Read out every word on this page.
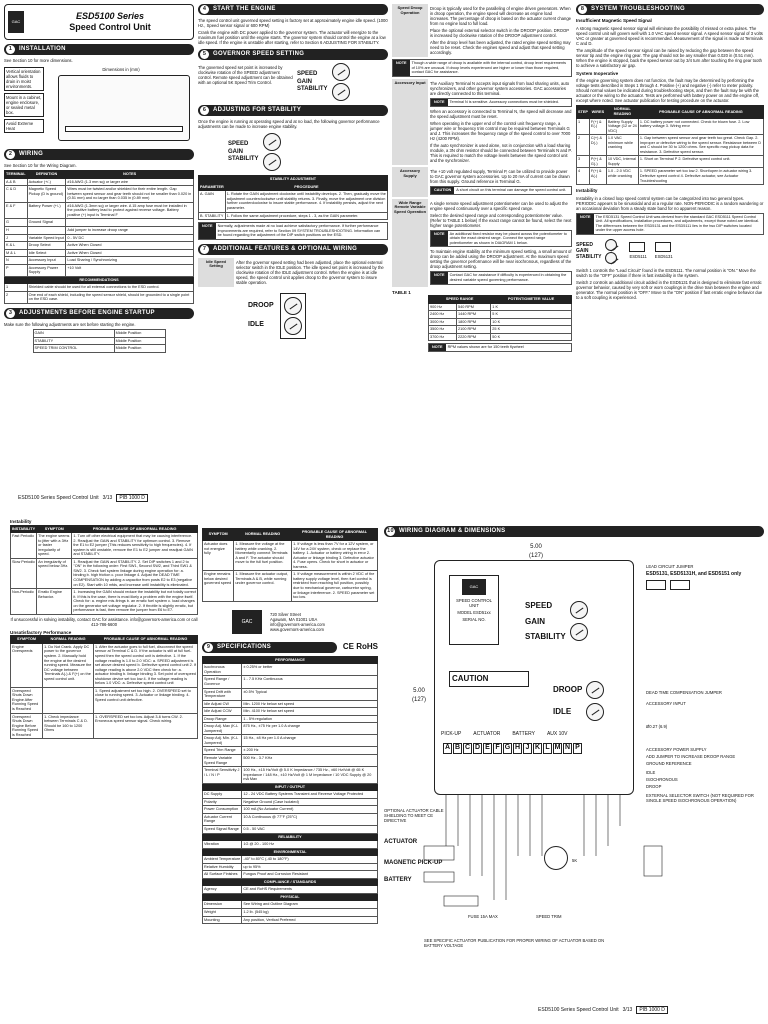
GAC	ESD5100 Series
Speed Control Unit
1	INSTALLATION
See Section 10 for more dimensions.
Vertical orientation allows fluids to drain in moist environments.
Mount in a cabinet, engine enclosure, or sealed metal box.
Avoid Extreme Heat
Dimensions in (mm)
2	WIRING
See Section 10 for the Wiring Diagram.
TERMINAL	DEFINITION	NOTES
A & B	Actuator (+/-)	#16 AWG (1.3 mm sq) or larger wire
C & D	Magnetic Speed Pickup (D is ground)	Wires must be twisted and/or shielded for their entire length. Gap between speed sensor and gear teeth should not be smaller than 0.020 in (0.51 mm) and no larger than 0.035 in (0.89 mm)
E & F	Battery Power (+/-)	#16 AWG (1.3mm sq) or larger wire. A 15 amp fuse must be installed in the positive battery lead to protect against reverse voltage. Battery positive (+) input is Terminal F
G	Ground Signal	
H		Add jumper to increase droop range
J	Variable Speed Input	0 - 5V DC
K & L	Droop Select	Active When Closed
M & L	Idle Select	Active When Closed
N	Accessory Input	Load Sharing / Synchronizing
P	Accessory Power Supply	+10 Volt
RECOMMENDATIONS		
1	Shielded cable should be used for all external connections to the ESD control.	
2	One end of each shield, including the speed sensor shield, should be grounded to a single point on the ESD case.	
3	ADJUSTMENTS BEFORE ENGINE STARTUP
Make sure the following adjustments are set before starting the engine.
GAIN	Middle Position
STABILITY	Middle Position
SPEED TRIM CONTROL	Middle Position
ESD5100 Series Speed Control Unit 3/13	PIB 1000 D
4	START THE ENGINE
The speed control unit governed speed setting is factory set at approximately engine idle speed. (1000 Hz., Speed sensor signal or 600 RPM)
Crank the engine with DC power applied to the governor system. The actuator will energize to the maximum fuel position until the engine starts. The governor system should control the engine at a low idle speed. If the engine is unstable after starting, refer to Section 6 ADJUSTING FOR STABILITY.
5	GOVERNOR SPEED SETTING
The governed speed set point is increased by clockwise rotation of the SPEED adjustment control. Remote speed adjustment can be obtained with an optional 5K Speed Trim Control.
SPEED
GAIN
STABILITY
6	ADJUSTING FOR STABILITY
Once the engine is running at operating speed and at no load, the following governor performance adjustments can be made to increase engine stability.
SPEED
GAIN
STABILITY
STABILITY ADJUSTMENT	
PARAMETER	PROCEDURE
A. GAIN	1. Rotate the GAIN adjustment clockwise until instability develops. 2. Then, gradually move the adjustment counterclockwise until stability returns. 3. Finally, move the adjustment one division further counterclockwise to insure stable performance. 4. If instability persists, adjust the next parameter.
B. STABILITY	1. Follow the same adjustment procedure, steps 1 - 3, as the GAIN parameter.
NOTE	Normally, adjustments made at no load achieve satisfactory performance. If further performance improvements are required, refer to Section 09 SYSTEM TROUBLESHOOTING. Information can be found regarding the adjustment of the DIP switch positions on the ESD.
7	ADDITIONAL FEATURES & OPTIONAL WIRING
Idle Speed Setting
After the governor speed setting had been adjusted, place the optional external selector switch in the IDLE position. The idle speed set point is increased by the clockwise rotation of the IDLE adjustment control. When the engine is at idle speed, the speed control unit applies droop to the governor system to insure stable operation.
DROOP
IDLE
Speed Droop Operation
Droop is typically used for the paralleling of engine driven generators. When in droop operation, the engine speed will decrease as engine load increases. The percentage of droop is based on the actuator current change from no engine load to full load.
Place the optional external selector switch in the DROOP position. DROOP is increased by clockwise rotation of the DROOP adjustment control.
After the droop level has been adjusted, the rated engine speed setting may need to be reset. Check the engines speed and adjust that speed setting accordingly.
NOTE	Though a wide range of droop is available with the internal control, droop level requirements of 10% are unusual. If droop levels experienced are higher or lower than those required, contact GAC for assistance.
Accessory Input	The Auxiliary Terminal N accepts input signals from load sharing units, auto synchronizers, and other governor system accessories. GAC accessories are directly connected to this terminal.
NOTE	Terminal N is sensitive. Accessory connections must be shielded.
When an accessory is connected to Terminal N, the speed will decrease and the speed adjustment must be reset.
When operating in the upper end of the control unit frequency range, a jumper wire or frequency trim control may be required between Terminals G and J. This increases the frequency range of the speed control to over 7000 Hz (4200 RPM).
If the auto synchronizer is used alone, not in conjunction with a load sharing module, a 3N ohm resistor should be connected between Terminals N and P. This is required to match the voltage levels between the speed control unit and the synchronizer.
Accessory Supply
The +10 volt regulated supply, Terminal P, can be utilized to provide power to GAC governor system accessories. Up to 20 mA of current can be drawn from this supply. Ground reference is Terminal G.
CAUTION	A short circuit on this terminal can damage the speed control unit.
Wide Range Remote Variable Speed Operation
A single remote speed adjustment potentiometer can be used to adjust the engine speed continuously over a specific speed range.
Select the desired speed range and corresponding potentiometer value. (Refer to TABLE 1 below) If the exact range cannot be found, select the next higher range potentiometer.
NOTE	An additional fixed resistor may be placed across the potentiometer to obtain the exact desired range. Connect the speed range potentiometer as shown in DIAGRAM 1 below.
To maintain engine stability at the minimum speed setting, a small amount of droop can be added using the DROOP adjustment. At the maximum speed setting the governor performance will be near isochronous, regardless of the droop adjustment setting.
NOTE	Contact GAC for assistance if difficulty is experienced in obtaining the desired variable speed governing performance.
TABLE 1
SPEED RANGE		POTENTIOMETER VALUE
900 Hz	540 RPM	1 K
2400 Hz	1440 RPM	5 K
3000 Hz	1800 RPM	10 K
3500 Hz	2100 RPM	25 K
3700 Hz	2220 RPM	50 K
NOTE	RPM values shown are for 150 teeth flywheel
8	SYSTEM TROUBLESHOOTING
Insufficient Magnetic Speed Signal
A strong magnetic speed sensor signal will eliminate the possibility of missed or extra pulses. The speed control unit will govern well with 1.0 VAC speed sensor signal. A speed sensor signal of 3 volts VAC or greater at governed speed is recommended. Measurement of the signal is made at Terminals C and D.
The amplitude of the speed sensor signal can be raised by reducing the gap between the speed sensor tip and the engine ring gear. The gap should not be any smaller than 0.020 in (0.51 mm). When the engine is stopped, back the speed sensor out by 3/4 turn after touching the ring gear tooth to achieve a satisfactory air gap.
System Inoperative
If the engine governing system does not function, the fault may be determined by performing the voltage tests described in Steps 1 through 4. Positive (+) and negative (-) refer to meter polarity. Should normal values be indicated during troubleshooting steps, and then the fault may be with the actuator or the wiring to the actuator. Tests are performed with battery power on and the engine off, except where noted. See actuator publication for testing procedure on the actuator.
STEP	WIRES	NORMAL READING	PROBABLE CAUSE OF ABNORMAL READING
1	F(+) & E(-)	Battery Supply Voltage (12 or 24 VDC)	1. DC battery power not connected. Check for blown fuse. 2. Low battery voltage 3. Wiring error
2	C(+) & D(-)	1.0 VAC minimum while cranking	1. Gap between speed sensor and gear teeth too great. Check Gap. 2. Improper or defective wiring to the speed sensor. Resistance between D and C should be 30 to 1200 ohms. See specific mag pickup data for resistance. 3. Defective speed sensor.
3	P(+) & G(-)	10 VDC, Internal Supply	1. Short on Terminal P 2. Defective speed control unit.
4	F(+) & A(-)	1.0 - 2.0 VDC while cranking	1. SPEED parameter set too low 2. Short/open in actuator wiring 3. Defective speed control 4. Defective actuator, see Actuator Troubleshooting
Instability
Instability in a closed loop speed control system can be categorized into two general types. PERIODIC appears to be sinusoidal and at a regular rate. NON-PERIODIC is a random wandering or an occasional deviation from a steady state band for no apparent reason.
NOTE	The ESD5131 Speed Control Unit was derived from the standard GAC ESD5111 Speed Control Unit. All specifications, installation procedures, and adjustments, except those noted are identical. The differences between the ESD5131 and the ESD5111 lies in the two DIP switches located under the upper access hole.
SPEED
GAIN
STABILITY	ESD5111 ESD5131
Switch 1 controls the "Lead Circuit" found in the ESD5111. The normal position is "ON." Move the switch to the "OFF" position if there is fast instability in the system.
Switch 2 controls an additional circuit added in the ESD5131 that is designed to eliminate fast erratic governor behavior, caused by very soft or worn couplings in the drive train between the engine and generator. The normal position is "OFF." Move to the "ON" position if fast erratic engine behavior due to a soft coupling is experienced.
Instability
INSTABILITY	SYMPTOM	PROBABLE CAUSE OF ABNORMAL READING
Fast Periodic	The engine seems to jitter with a 3Hz or faster irregularity of speed.	1. Turn off other electrical equipment that may be causing interference. 2. Readjust the GAIN and STABILITY for optimum control. 3. Remove the E1 to E2 jumper (This reduces sensitivity to high frequencies). 4. If system is still unstable, remove the E1 to E2 jumper and readjust GAIN and STABILITY.
Slow Periodic	An irregularity of speed below 3Hz.	1. Readjust the GAIN and STABILITY. 2. Set DIP switches 1 and 2 to "ON" in the following order: First SW1, Second SW2, and Third SW1 & SW2. 3. Check fuel system linkage during engine operation for: a. binding b. high friction c. poor linkage 4. Adjust the DEAD TIME COMPENSATION by adding a capacitor from posts E2 to E3 (negative on E2). Start with 10 mfds, and increase until instability is eliminated.
Non-Periodic	Erratic Engine Behavior.	1. Increasing the GAIN should reduce the instability but not totally correct it. If this is the case, there is most likely a problem with the engine itself. Check for: a. engine mis-firings b. an erratic fuel system c. load changes on the generator set voltage regulator. 2. If throttle is slightly erratic, but performance is fast, then remove the jumper from E6 to E7.
If unsuccessful in solving instability, contact GAC for assistance. info@governors-america.com or call 413-786-5600
Unsatisfactory Performance
SYMPTOM	NORMAL READING	PROBABLE CAUSE OF ABNORMAL READING
Engine Overspeeds	1. Do Not Crank. Apply DC power to the governor system. 2. Manually hold the engine at the desired running speed. Measure the DC voltage between Terminals A(-) & F(+) on the speed control unit.	1. After the actuator goes to full fuel, disconnect the speed sensor at Terminal C & D. If the actuator is still at full fuel-speed then the speed control unit is defective. 1. If the voltage reading is 1.0 to 2.0 VDC: a. SPEED adjustment is set above desired speed b. Defective speed control unit 2. If voltage reading is above 2.0 VDC then check for: a. actuator binding b. linkage binding 3. Set point of overspeed shutdown device set too low 4. If the voltage reading is below 1.0 VDC: a. Defective speed control unit
Overspeed Shuts Down Engine After Running Speed is Reached		1. Speed adjustment set too high. 2. OVERSPEED set to close to running speed. 3. Actuator or linkage binding. 4. Speed control unit defective.
Overspeed Shuts Down Engine Before Running Speed is Reached	1. Check impedance between Terminals C & D. Should be 160 to 1200 Ohms	1. OVERSPEED set too low. Adjust 3-6 turns CW. 2. Erroneous speed sensor signal. Check wiring.
SYMPTOM	NORMAL READING	PROBABLE CAUSE OF ABNORMAL READING
Actuator does not energize fully	1. Measure the voltage at the battery while cranking. 2. Momentarily connect Terminals A and F. The actuator should move to the full fuel position.	1. If voltage is less than 7V for a 12V system, or 14V for a 24V system, check or replace the battery. 1. Actuator or battery wiring in error 2. Actuator or linkage binding 3. Defective actuator 4. Fuse opens. Check for short in actuator or harness.
Engine remains below desired governed speed	1. Measure the actuator output, Terminals A & B, while running under governor control.	1. If voltage measurement is within 2 VDC of the battery supply voltage level, then fuel control is restricted from reaching full position, possibly due to mechanical governor, carburetor spring, or linkage interference. 2. SPEED parameter set too low.
GAC
720 Silver Street
Agawam, MA 01001 USA
info@governors-america.com
www.governors-america.com
9	SPECIFICATIONS	CE RoHS
PERFORMANCE	
Isochronous Operation	± 0.25% or better
Speed Range / Governor	1 - 7.5 KHz Continuous
Speed Drift with Temperature	±0.5% Typical
Idle Adjust CW	Min. 1200 Hz below set speed
Idle Adjust CCW	Min. 4100 Hz below set speed
Droop Range	1 - 5% regulation
Droop Adj. Max (K-L Jumpered)	875 Hz., ±75 Hz per 1.0 A change
Droop Adj. Min. (K-L Jumpered)	15 Hz., ±8 Hz per 1.0 A change
Speed Trim Range	± 200 Hz
Remote Variable Speed Range	500 Hz - 3.7 KHz
Terminal Sensitivity J / L / N / P	100 Hz., ±15 Hz/Volt @ 5.0 K Impedance / 735 Hz., ±60 Hz/Volt @ 65 K Impedance / 148 Hz., ±10 Hz/Volt @ 1 M Impedance / 10 VDC Supply @ 20 mA Max
INPUT / OUTPUT	
DC Supply	12 - 24 VDC Battery Systems Transient and Reverse Voltage Protected
Polarity	Negative Ground (Case Isolated)
Power Consumption	100 mA (No Actuator Current)
Actuator Current Range	10 A Continuous @ 77°F (25°C)
Speed Signal Range	0.5 - 50 VAC
RELIABILITY	
Vibration	1G @ 20 - 100 Hz
ENVIRONMENTAL	
Ambient Temperature	-40° to 80°C (-40 to 180°F)
Relative Humidity	up to 95%
All Surface Finishes	Fungus Proof and Corrosion Resistant
COMPLIANCE / STANDARDS	
Agency	CE and RoHS Requirements
PHYSICAL	
Dimension	See Wiring and Outline Diagram
Weight	1.2 lb. (545 kg)
Mounting	Any position, Vertical Preferred
10 WIRING DIAGRAM & DIMENSIONS
5.00
(127)
5.00
(127)
GAC
SPEED CONTROL UNIT
MODEL ESD51xx
SERIAL NO.
SPEED
GAIN
STABILITY
CAUTION
DROOP
IDLE
PICK-UP ACTUATOR BATTERY AUX 10V
A B C D E F G H J K L M N P
LEAD CIRCUIT JUMPER
ESD5131, ESD5131H, and ESD5151 only
DEAD TIME COMPENSATION JUMPER
ACCESSORY INPUT
Ø0.27 (6.9)
ACCESSORY POWER SUPPLY
ADD JUMPER TO INCREASE DROOP RANGE
GROUND REFERENCE
IDLE
ISOCHRONOUS
DROOP
EXTERNAL SELECTOR SWITCH (NOT REQUIRED FOR SINGLE SPEED ISOCHRONOUS OPERATION)
OPTIONAL ACTUATOR CABLE SHIELDING TO MEET CE DIRECTIVE
ACTUATOR
MAGNETIC PICK-UP
BATTERY
FUSE 15A MAX	SPEED TRIM
5K
SEE SPECIFIC ACTUATOR PUBLICATION FOR PROPER WIRING OF ACTUATOR BASED ON BATTERY VOLTAGE
ESD5100 Series Speed Control Unit 3/13	PIB 1000 D
